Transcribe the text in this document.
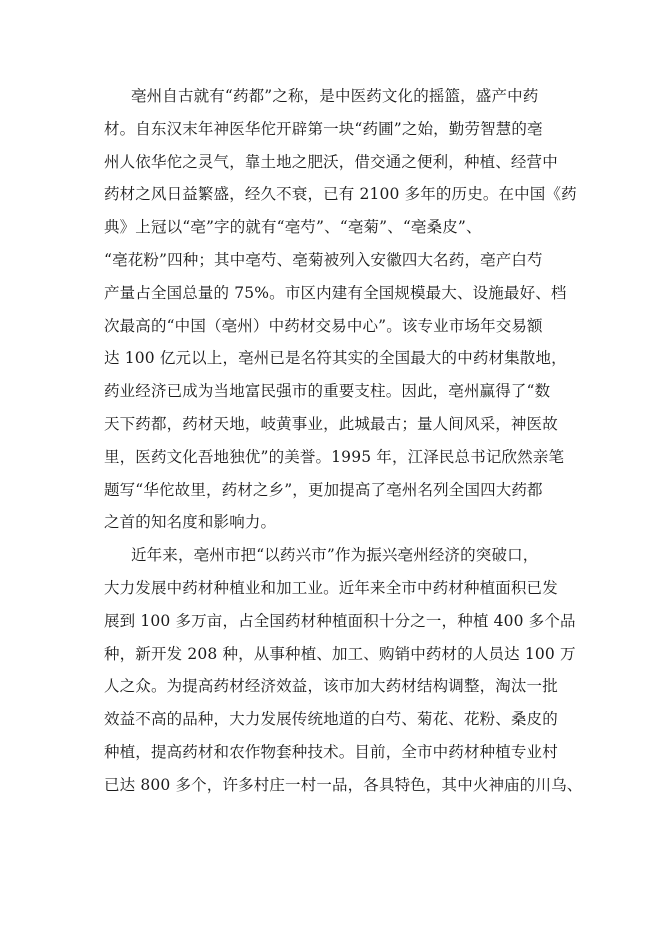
亳州自古就有“药都”之称，是中医药文化的摇篮，盛产中药
材。自东汉末年神医华佗开辟第一块“药圃”之始，勤劳智慧的亳
州人依华佗之灵气，靠土地之肥沃，借交通之便利，种植、经营中
药材之风日益繁盛，经久不衰，已有 2100 多年的历史。在中国《药
典》上冠以“亳”字的就有“亳芍”、“亳菊”、“亳桑皮”、
“亳花粉”四种；其中亳芍、亳菊被列入安徽四大名药，亳产白芍
产量占全国总量的 75%。市区内建有全国规模最大、设施最好、档
次最高的“中国（亳州）中药材交易中心”。该专业市场年交易额
达 100 亿元以上，亳州已是名符其实的全国最大的中药材集散地，
药业经济已成为当地富民强市的重要支柱。因此，亳州赢得了“数
天下药都，药材天地，岐黄事业，此城最古；量人间风采，神医故
里，医药文化吾地独优”的美誉。1995 年，江泽民总书记欣然亲笔
题写“华佗故里，药材之乡”，更加提高了亳州名列全国四大药都
之首的知名度和影响力。
近年来，亳州市把“以药兴市”作为振兴亳州经济的突破口，
大力发展中药材种植业和加工业。近年来全市中药材种植面积已发
展到 100 多万亩，占全国药材种植面积十分之一，种植 400 多个品
种，新开发 208 种，从事种植、加工、购销中药材的人员达 100 万
人之众。为提高药材经济效益，该市加大药材结构调整，淘汰一批
效益不高的品种，大力发展传统地道的白芍、菊花、花粉、桑皮的
种植，提高药材和农作物套种技术。目前，全市中药材种植专业村
已达 800 多个，许多村庄一村一品，各具特色，其中火神庙的川乌、
